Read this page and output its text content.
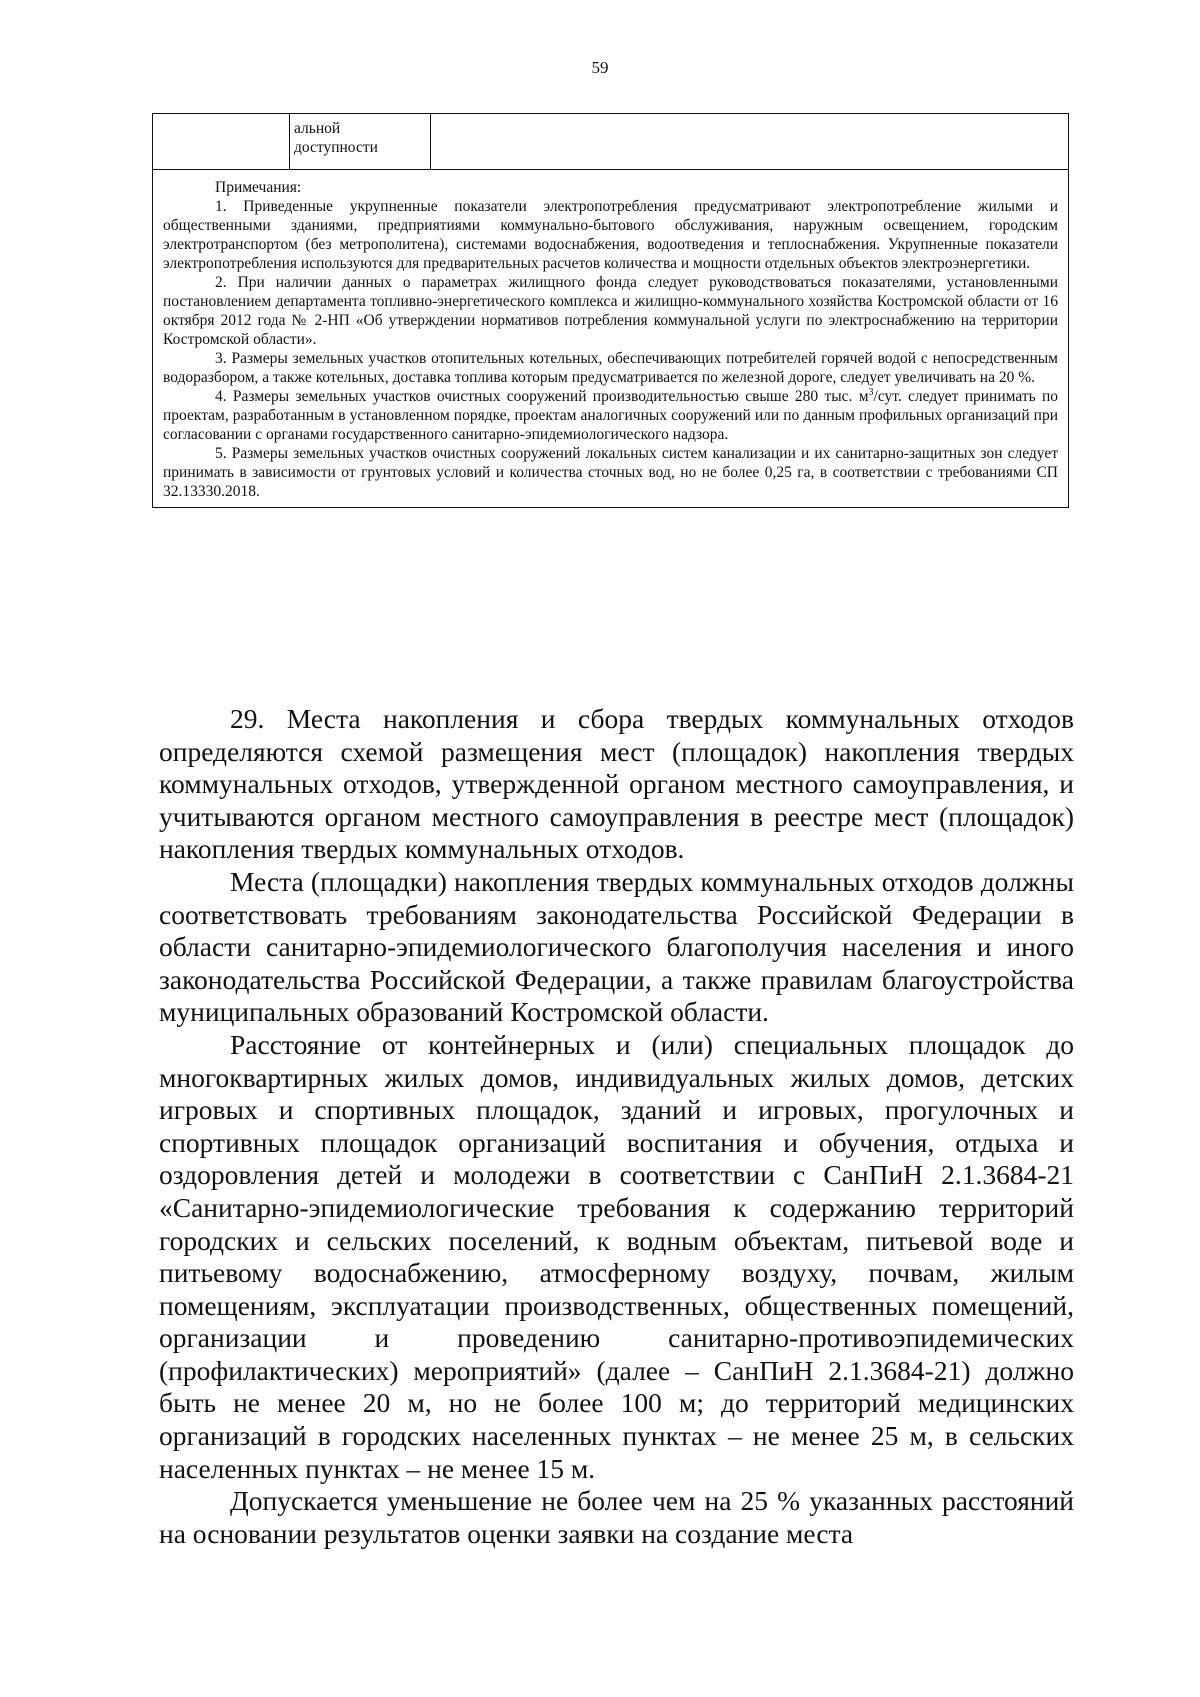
59

альной
доступности

Примечания:

1. Приведенные укрупненные показатели электропотребления предусматривают электропотребление жилыми и общественными зданиями, предприятиями коммунально-бытового обслуживания, наружным освещением, городским электротранспортом (без метрополитена), системами водоснабжения, водоотведения и теплоснабжения. Укрупненные показатели электропотребления используются для предварительных расчетов количества и мощности отдельных объектов электроэнергетики.

2. При наличии данных о параметрах жилищного фонда следует руководствоваться показателями, установленными постановлением департамента топливно-энергетического комплекса и жилищно-коммунального хозяйства Костромской области от 16 октября 2012 года № 2-НП «Об утверждении нормативов потребления коммунальной услуги по электроснабжению на территории Костромской области».

3. Размеры земельных участков отопительных котельных, обеспечивающих потребителей горячей водой с непосредственным водоразбором, а также котельных, доставка топлива которым предусматривается по железной дороге, следует увеличивать на 20 %.

4. Размеры земельных участков очистных сооружений производительностью свыше 280 тыс. $м^3$/сут. следует принимать по проектам, разработанным в установленном порядке, проектам аналогичных сооружений или по данным профильных организаций при согласовании с органами государственного санитарно-эпидемиологического надзора.

5. Размеры земельных участков очистных сооружений локальных систем канализации и их санитарно-защитных зон следует принимать в зависимости от грунтовых условий и количества сточных вод, но не более 0,25 га, в соответствии с требованиями СП 32.13330.2018.

29. Места накопления и сбора твердых коммунальных отходов определяются схемой размещения мест (площадок) накопления твердых коммунальных отходов, утвержденной органом местного самоуправления, и учитываются органом местного самоуправления в реестре мест (площадок) накопления твердых коммунальных отходов.

Места (площадки) накопления твердых коммунальных отходов должны соответствовать требованиям законодательства Российской Федерации в области санитарно-эпидемиологического благополучия населения и иного законодательства Российской Федерации, а также правилам благоустройства муниципальных образований Костромской области.

Расстояние от контейнерных и (или) специальных площадок до многоквартирных жилых домов, индивидуальных жилых домов, детских игровых и спортивных площадок, зданий и игровых, прогулочных и спортивных площадок организаций воспитания и обучения, отдыха и оздоровления детей и молодежи в соответствии с СанПиН 2.1.3684-21 «Санитарно-эпидемиологические требования к содержанию территорий городских и сельских поселений, к водным объектам, питьевой воде и питьевому водоснабжению, атмосферному воздуху, почвам, жилым помещениям, эксплуатации производственных, общественных помещений, организации и проведению санитарно-противоэпидемических (профилактических) мероприятий» (далее – СанПиН 2.1.3684-21) должно быть не менее 20 м, но не более 100 м; до территорий медицинских организаций в городских населенных пунктах – не менее 25 м, в сельских населенных пунктах – не менее 15 м.

Допускается уменьшение не более чем на 25 % указанных расстояний на основании результатов оценки заявки на создание места
